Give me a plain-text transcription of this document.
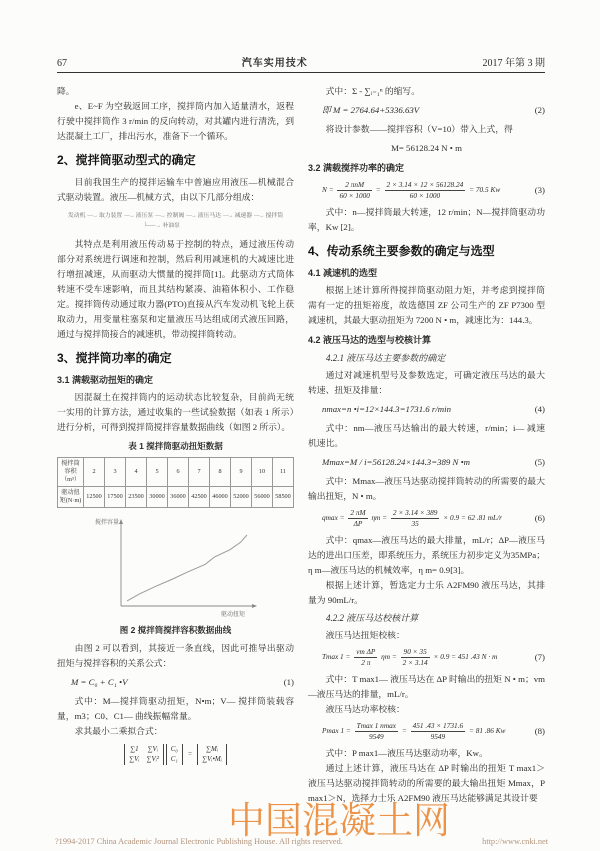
67	汽车实用技术	2017 年第 3 期

降。

e、E~F 为空载返回工序，搅拌筒内加入适量清水，返程行驶中搅拌筒作 3 r/min 的反向转动，对其罐内进行清洗，到达混凝土工厂，排出污水，准备下一个循环。

2、搅拌筒驱动型式的确定

目前我国生产的搅拌运输车中普遍应用液压—机械混合式驱动装置。液压—机械方式，由以下几部分组成：

发动机 —→ 取力装置 —→ 液压泵 —→ 控制阀 —→ 液压马达 —→ 减速器 —→ 搅拌筒
└──→ 补油泵

其特点是利用液压传动易于控制的特点，通过液压传动部分对系统进行调速和控制，然后利用减速机的大减速比进行增扭减速，从而驱动大惯量的搅拌筒[1]。此驱动方式筒体转速不受车速影响，而且其结构紧凑、油箱体积小、工作稳定。搅拌筒传动通过取力器(PTO)直接从汽车发动机飞轮上获取动力，用变量柱塞泵和定量液压马达组成闭式液压回路，通过与搅拌筒接合的减速机，带动搅拌筒转动。

3、搅拌筒功率的确定
3.1 满载驱动扭矩的确定

因混凝土在搅拌筒内的运动状态比较复杂，目前尚无统一实用的计算方法，通过收集的一些试验数据（如表 1 所示）进行分析，可得到搅拌筒搅拌容量数据曲线（如图 2 所示）。

表 1 搅拌筒驱动扭矩数据
搅拌筒容积（m³）	2	3	4	5	6	7	8	9	10	11
驱动扭矩(N·m)	12500	17500	23500	30000	36000	42500	46000	52000	56000	58500
搅拌容量
驱动扭矩
图 2 搅拌筒搅拌容积数据曲线

由图 2 可以看到，其接近一条直线，因此可推导出驱动扭矩与搅拌容积的关系公式：

M = C₀ + C₁ •V	(1)

式中：M—搅拌筒驱动扭矩，N•m；V— 搅拌筒装载容量，m3；C0、C1— 曲线振幅常量。

求其最小二乘拟合式：

∑1 ∑Vᵢ
∑Vᵢ ∑Vᵢ²

C₀
C₁
=
∑Mᵢ
∑Vᵢ•Mᵢ

式中：Σ - ∑ᵢ₌₁ⁿ 的缩写。

即 M = 2764.64+5336.63V	(2)

将设计参数——搅拌容积（V=10）带入上式，得

M= 56128.24 N • m
3.2 满载搅拌功率的确定
$N = \frac{\text{2 πnM}}{60 \times 1000} = \frac{2 \times 3.14 \times 12 \times 56128.24}{60 \times 1000} = 70.5$ Kw	(3)

式中：n—搅拌筒最大转速，12 r/min；N—搅拌筒驱动功率，Kw [2]。

4、传动系统主要参数的确定与选型
4.1 减速机的选型

根据上述计算所得搅拌筒驱动阻力矩，并考虑到搅拌筒需有一定的扭矩裕度，故选德国 ZF 公司生产的 ZF P7300 型减速机，其最大驱动扭矩为 7200 N • m，减速比为：144.3。

4.2 液压马达的选型与校核计算
4.2.1 液压马达主要参数的确定

通过对减速机型号及参数选定，可确定液压马达的最大转速、扭矩及排量：

nmax=n •i=12×144.3=1731.6 r/min	(4)

式中：nm—液压马达输出的最大转速，r/min；i— 减速机速比。

Mmax=M / i=56128.24×144.3=389 N •m	(5)

式中：Mmax—液压马达驱动搅拌筒转动的所需要的最大输出扭矩，N • m。

$qmax = \frac{2 \pi M}{\Delta P}$ $\eta m = \frac{2 \times 3.14 \times 389}{35} \times 0.9 = 62$ .81 mL/r	(6)

式中：qmax—液压马达的最大排量，mL/r；ΔP—液压马达的进出口压差，即系统压力，系统压力初步定义为35MPa；η m—液压马达的机械效率，η m= 0.9[3]。

根据上述计算，暂选定力士乐 A2FM90 液压马达，其排量为 90mL/r。

4.2.2 液压马达校核计算

液压马达扭矩校核：

Tmax $1 = \frac{\text{vm ΔP}}{2 \pi}$ $\eta m = \frac{90 \times 35}{2 \times 3.14} \times 0.9 = 451$ .43 N · m	(7)

式中：T max1— 液压马达在 ΔP 时输出的扭矩 N • m；vm—液压马达的排量，mL/r。

液压马达功率校核：

Pmax $1 = \frac{Tmax 1 nmax}{9549} = \frac{451 .43 \times 1731.6}{9549} = 81$ .86 Kw	(8)

式中：P max1—液压马达驱动功率，Kw。

通过上述计算，液压马达在 ΔP 时输出的扭矩 T max1＞液压马达驱动搅拌筒转动的所需要的最大输出扭矩 Mmax，P max1＞N，选择力士乐 A2FM90 液压马达能够满足其设计要

中国混凝土网
?1994-2017 China Academic Journal Electronic Publishing House. All rights reserved.	http://www.cnki.net
